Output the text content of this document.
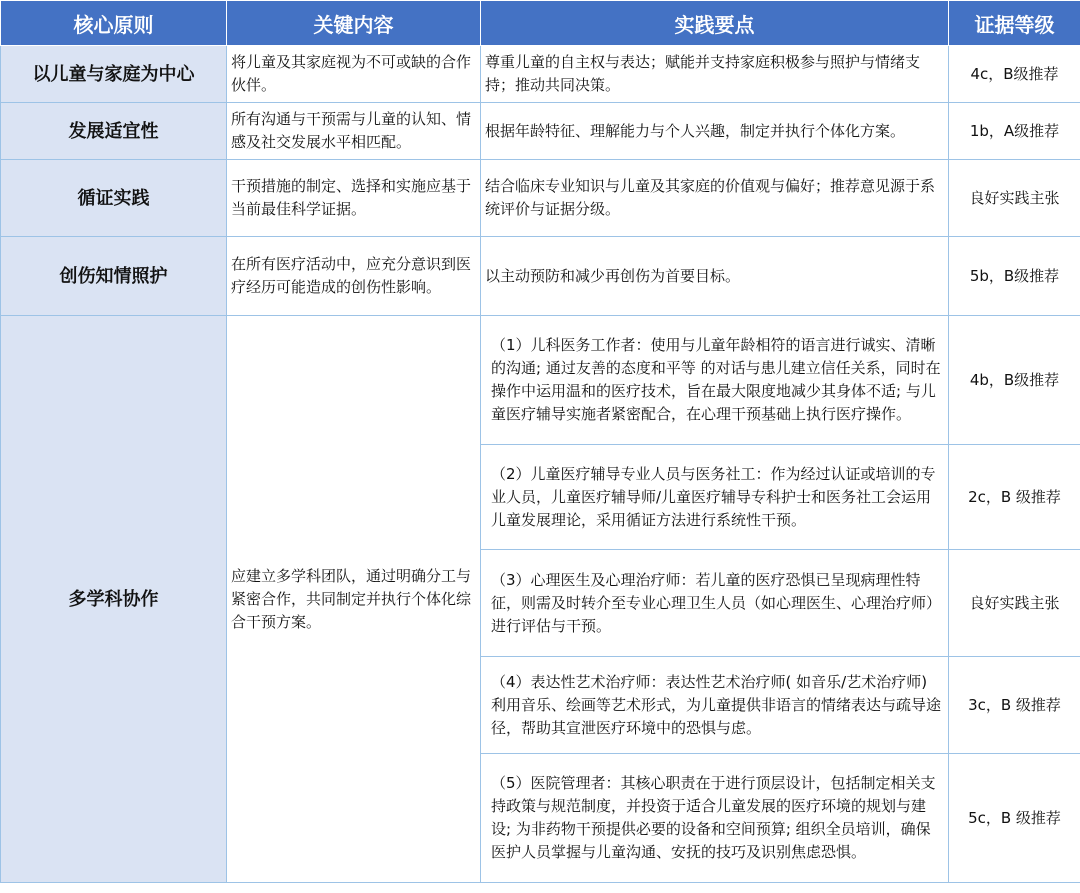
核心原则	关键内容	实践要点	证据等级
以儿童与家庭为中心	将儿童及其家庭视为不可或缺的合作伙伴。	尊重儿童的自主权与表达；赋能并支持家庭积极参与照护与情绪支持；推动共同决策。	4c，B级推荐
发展适宜性	所有沟通与干预需与儿童的认知、情感及社交发展水平相匹配。	根据年龄特征、理解能力与个人兴趣，制定并执行个体化方案。	1b，A级推荐
循证实践	干预措施的制定、选择和实施应基于当前最佳科学证据。	结合临床专业知识与儿童及其家庭的价值观与偏好；推荐意见源于系统评价与证据分级。	良好实践主张
创伤知情照护	在所有医疗活动中，应充分意识到医疗经历可能造成的创伤性影响。	以主动预防和减少再创伤为首要目标。	5b，B级推荐
多学科协作	应建立多学科团队，通过明确分工与紧密合作，共同制定并执行个体化综合干预方案。	（1）儿科医务工作者：使用与儿童年龄相符的语言进行诚实、清晰的沟通; 通过友善的态度和平等 的对话与患儿建立信任关系，同时在操作中运用温和的医疗技术，旨在最大限度地减少其身体不适; 与儿 童医疗辅导实施者紧密配合，在心理干预基础上执行医疗操作。	4b，B级推荐
		（2）儿童医疗辅导专业人员与医务社工：作为经过认证或培训的专业人员，儿童医疗辅导师/儿童医疗辅导专科护士和医务社工会运用儿童发展理论，采用循证方法进行系统性干预。	2c，B 级推荐
		（3）心理医生及心理治疗师：若儿童的医疗恐惧已呈现病理性特征，则需及时转介至专业心理卫生人员（如心理医生、心理治疗师）进行评估与干预。	良好实践主张
		（4）表达性艺术治疗师：表达性艺术治疗师( 如音乐/艺术治疗师) 利用音乐、绘画等艺术形式，为儿童提供非语言的情绪表达与疏导途径，帮助其宣泄医疗环境中的恐惧与虑。	3c，B 级推荐
		（5）医院管理者：其核心职责在于进行顶层设计，包括制定相关支持政策与规范制度，并投资于适合儿童发展的医疗环境的规划与建设; 为非药物干预提供必要的设备和空间预算; 组织全员培训，确保医护人员掌握与儿童沟通、安抚的技巧及识别焦虑恐惧。	5c，B 级推荐
